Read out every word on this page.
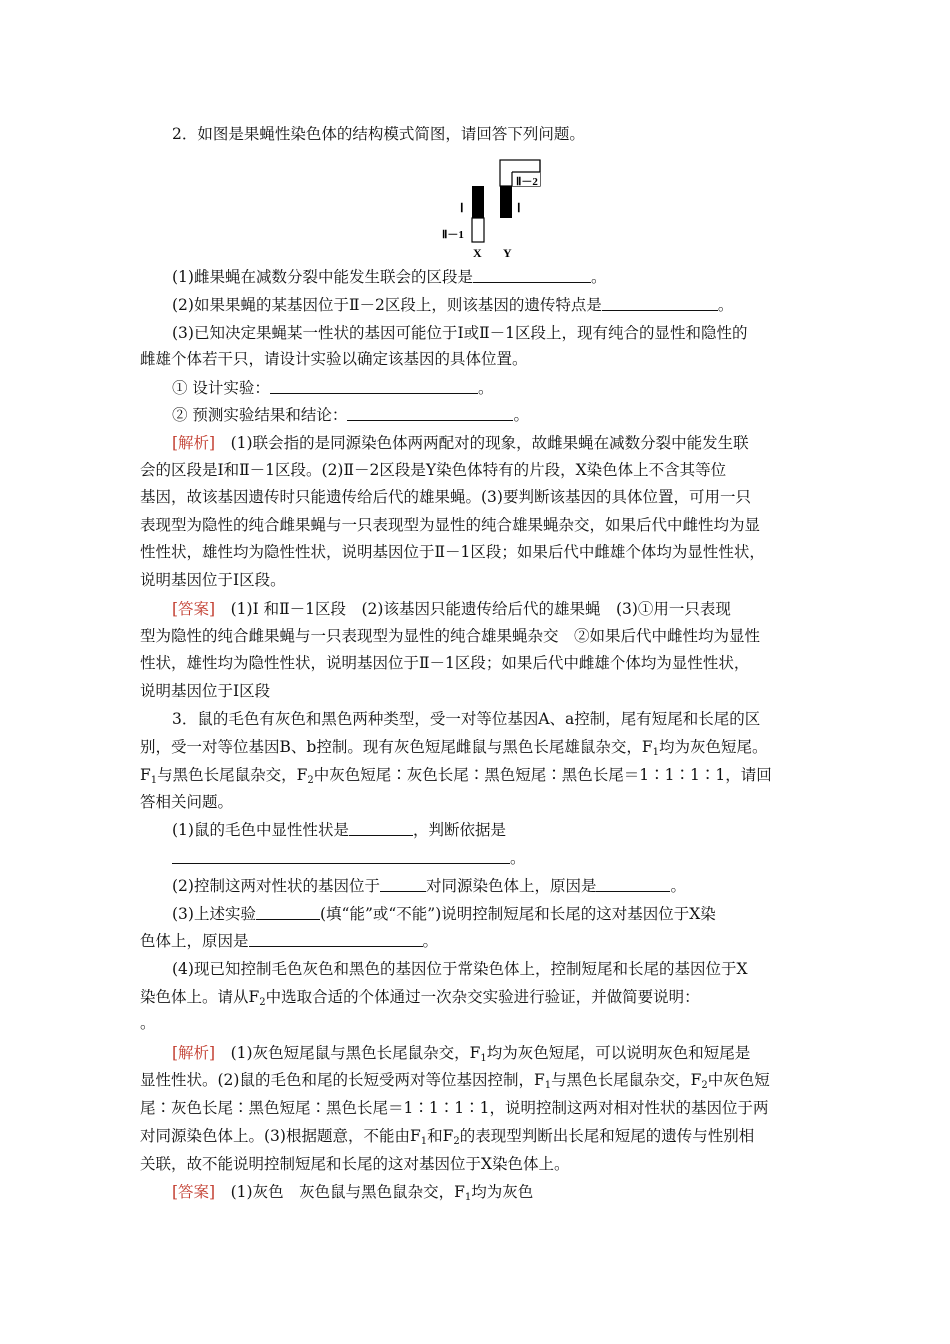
2．如图是果蝇性染色体的结构模式简图，请回答下列问题。
Ⅰ
Ⅱ－1
X
Ⅰ
Ⅱ－2
Y
(1)雌果蝇在减数分裂中能发生联会的区段是	。
(2)如果果蝇的某基因位于Ⅱ－2区段上，则该基因的遗传特点是	。
(3)已知决定果蝇某一性状的基因可能位于Ⅰ或Ⅱ－1区段上，现有纯合的显性和隐性的
雌雄个体若干只，请设计实验以确定该基因的具体位置。
① 设计实验：	。
② 预测实验结果和结论：	。
[解析]　(1)联会指的是同源染色体两两配对的现象，故雌果蝇在减数分裂中能发生联
会的区段是Ⅰ和Ⅱ－1区段。(2)Ⅱ－2区段是Y染色体特有的片段，X染色体上不含其等位
基因，故该基因遗传时只能遗传给后代的雄果蝇。(3)要判断该基因的具体位置，可用一只
表现型为隐性的纯合雌果蝇与一只表现型为显性的纯合雄果蝇杂交，如果后代中雌性均为显
性性状，雄性均为隐性性状，说明基因位于Ⅱ－1区段；如果后代中雌雄个体均为显性性状，
说明基因位于Ⅰ区段。
[答案]　(1)Ⅰ 和Ⅱ－1区段　(2)该基因只能遗传给后代的雄果蝇　(3)①用一只表现
型为隐性的纯合雌果蝇与一只表现型为显性的纯合雄果蝇杂交　②如果后代中雌性均为显性
性状，雄性均为隐性性状，说明基因位于Ⅱ－1区段；如果后代中雌雄个体均为显性性状，
说明基因位于Ⅰ区段
3．鼠的毛色有灰色和黑色两种类型，受一对等位基因A、a控制，尾有短尾和长尾的区
别，受一对等位基因B、b控制。现有灰色短尾雌鼠与黑色长尾雄鼠杂交，$F_1$均为灰色短尾。
$F_1$与黑色长尾鼠杂交，$F_2$中灰色短尾∶灰色长尾∶黑色短尾∶黑色长尾＝1∶1∶1∶1，请回
答相关问题。
(1)鼠的毛色中显性性状是	，判断依据是
。
(2)控制这两对性状的基因位于	对同源染色体上，原因是	。
(3)上述实验	(填“能”或“不能”)说明控制短尾和长尾的这对基因位于X染
色体上，原因是	。
(4)现已知控制毛色灰色和黑色的基因位于常染色体上，控制短尾和长尾的基因位于X
染色体上。请从$F_2$中选取合适的个体通过一次杂交实验进行验证，并做简要说明：
。
[解析]　(1)灰色短尾鼠与黑色长尾鼠杂交，$F_1$均为灰色短尾，可以说明灰色和短尾是
显性性状。(2)鼠的毛色和尾的长短受两对等位基因控制，$F_1$与黑色长尾鼠杂交，$F_2$中灰色短
尾∶灰色长尾∶黑色短尾∶黑色长尾＝1∶1∶1∶1，说明控制这两对相对性状的基因位于两
对同源染色体上。(3)根据题意，不能由$F_1$和$F_2$的表现型判断出长尾和短尾的遗传与性别相
关联，故不能说明控制短尾和长尾的这对基因位于X染色体上。
[答案]　(1)灰色　灰色鼠与黑色鼠杂交，$F_1$均为灰色
